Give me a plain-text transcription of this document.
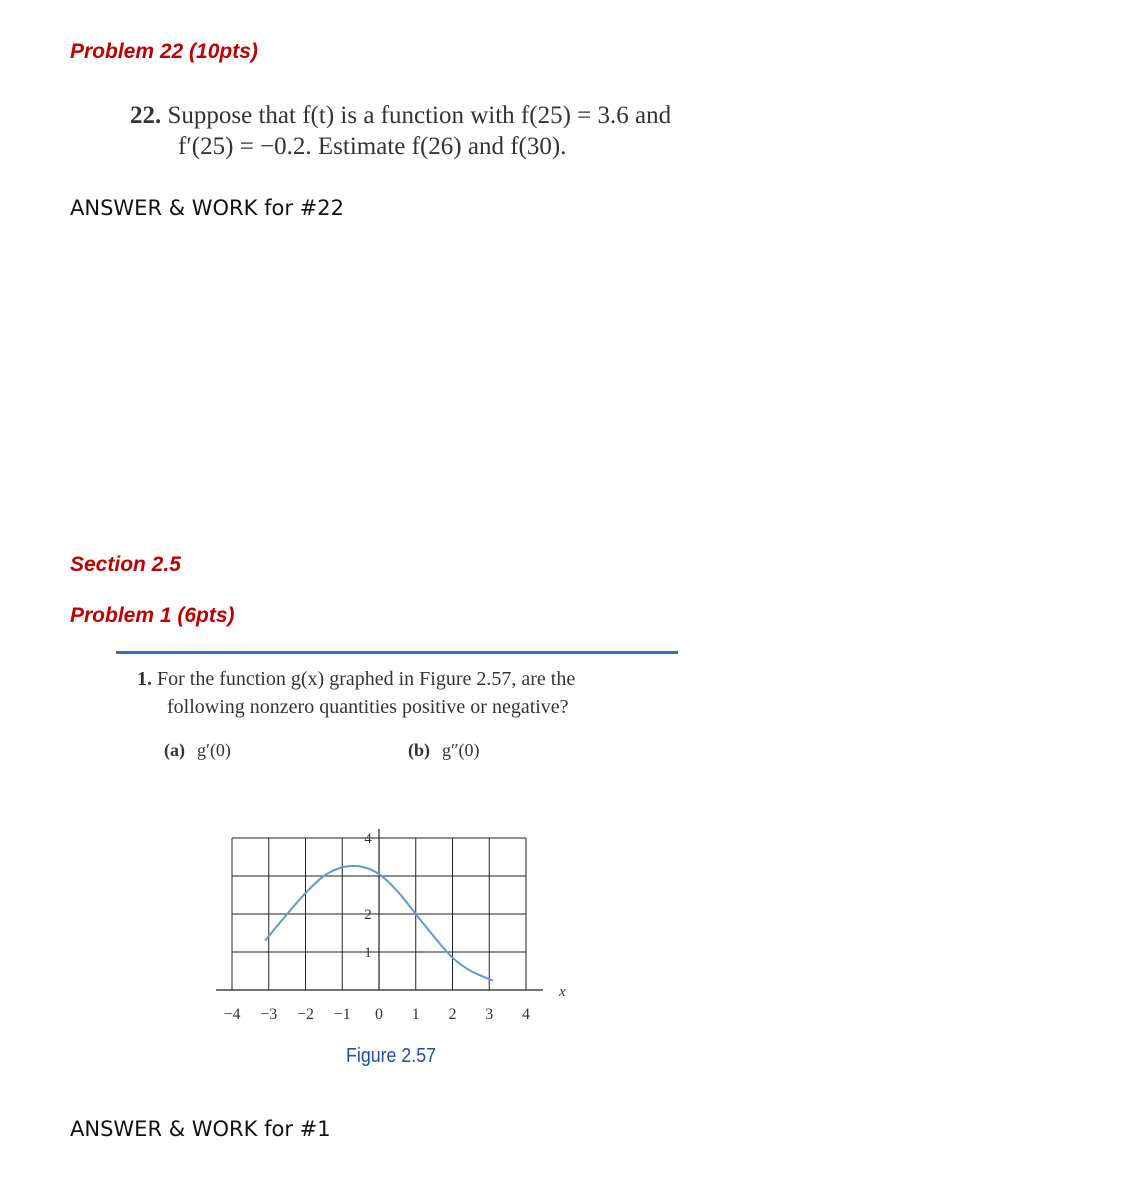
Problem 22 (10pts)
22. Suppose that f(t) is a function with f(25) = 3.6 and
f′(25) = −0.2. Estimate f(26) and f(30).
ANSWER & WORK for #22
Section 2.5
Problem 1 (6pts)
1. For the function g(x) graphed in Figure 2.57, are the
following nonzero quantities positive or negative?
(a) g′(0)	(b) g″(0)
−4 −3 −2 −1 0 1 2 3 4
4
2
1
x
Figure 2.57
ANSWER & WORK for #1
